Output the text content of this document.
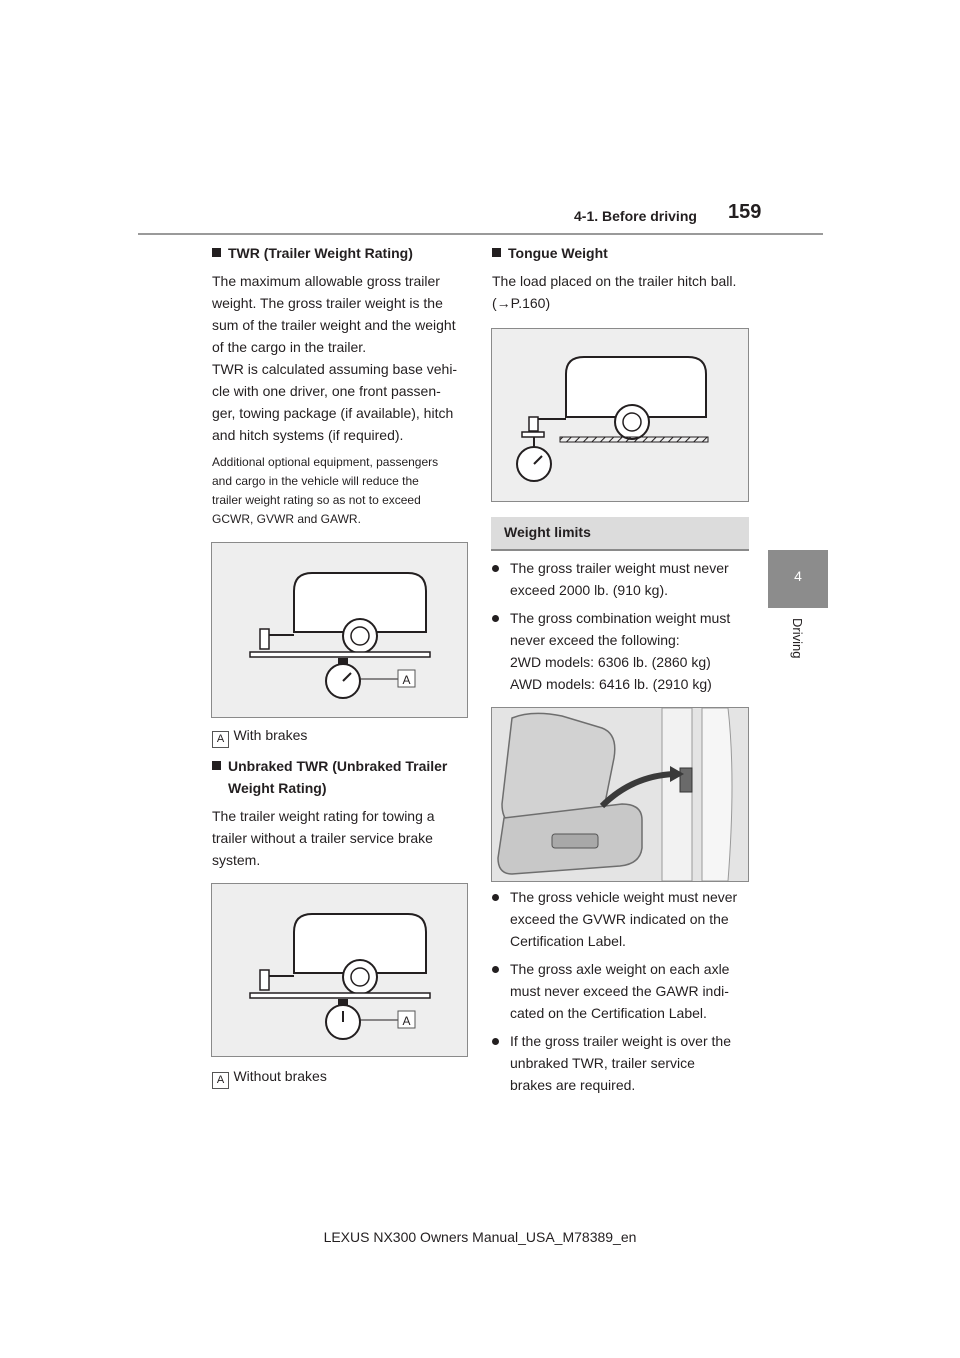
4-1. Before driving 159
4
Driving
TWR (Trailer Weight Rating)
The maximum allowable gross trailer
weight. The gross trailer weight is the
sum of the trailer weight and the weight
of the cargo in the trailer.
TWR is calculated assuming base vehi-
cle with one driver, one front passen-
ger, towing package (if available), hitch
and hitch systems (if required).
Additional optional equipment, passengers
and cargo in the vehicle will reduce the
trailer weight rating so as not to exceed
GCWR, GVWR and GAWR.
A
A With brakes
Unbraked TWR (Unbraked Trailer
Weight Rating)
The trailer weight rating for towing a
trailer without a trailer service brake
system.
A
A Without brakes
Tongue Weight
The load placed on the trailer hitch ball.
(→P.160)
Weight limits
The gross trailer weight must never
exceed 2000 lb. (910 kg).
The gross combination weight must
never exceed the following:
2WD models: 6306 lb. (2860 kg)
AWD models: 6416 lb. (2910 kg)
The gross vehicle weight must never
exceed the GVWR indicated on the
Certification Label.
The gross axle weight on each axle
must never exceed the GAWR indi-
cated on the Certification Label.
If the gross trailer weight is over the
unbraked TWR, trailer service
brakes are required.
LEXUS NX300 Owners Manual_USA_M78389_en
